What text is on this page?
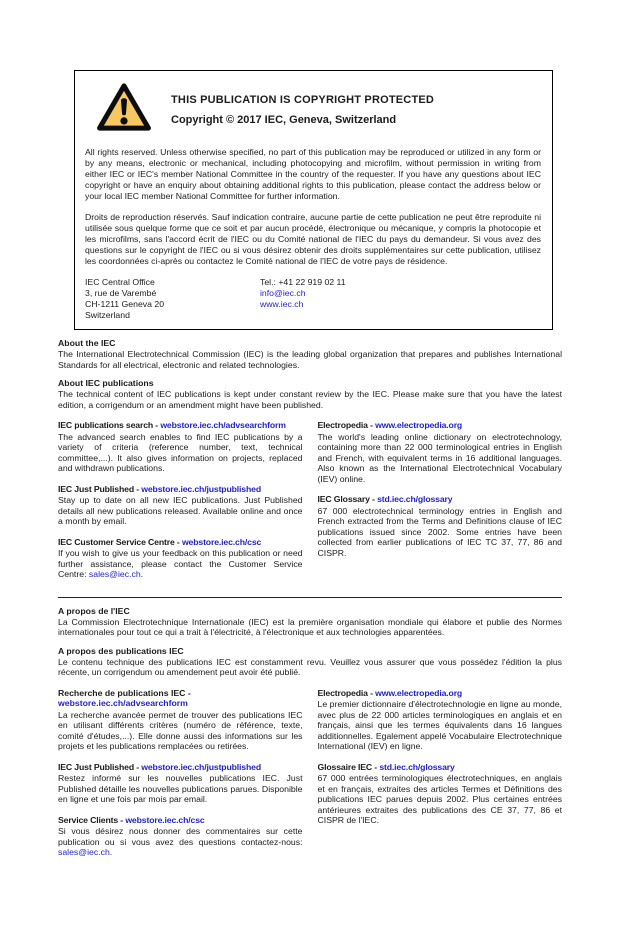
THIS PUBLICATION IS COPYRIGHT PROTECTED
Copyright © 2017 IEC, Geneva, Switzerland

All rights reserved. Unless otherwise specified, no part of this publication may be reproduced or utilized in any form or by any means, electronic or mechanical, including photocopying and microfilm, without permission in writing from either IEC or IEC's member National Committee in the country of the requester. If you have any questions about IEC copyright or have an enquiry about obtaining additional rights to this publication, please contact the address below or your local IEC member National Committee for further information.

Droits de reproduction réservés. Sauf indication contraire, aucune partie de cette publication ne peut être reproduite ni utilisée sous quelque forme que ce soit et par aucun procédé, électronique ou mécanique, y compris la photocopie et les microfilms, sans l'accord écrit de l'IEC ou du Comité national de l'IEC du pays du demandeur. Si vous avez des questions sur le copyright de l'IEC ou si vous désirez obtenir des droits supplémentaires sur cette publication, utilisez les coordonnées ci-après ou contactez le Comité national de l'IEC de votre pays de résidence.

IEC Central Office
3, rue de Varembé
CH-1211 Geneva 20
Switzerland
Tel.: +41 22 919 02 11
info@iec.ch
www.iec.ch
About the IEC

The International Electrotechnical Commission (IEC) is the leading global organization that prepares and publishes International Standards for all electrical, electronic and related technologies.

About IEC publications

The technical content of IEC publications is kept under constant review by the IEC. Please make sure that you have the latest edition, a corrigendum or an amendment might have been published.

IEC publications search - webstore.iec.ch/advsearchform

The advanced search enables to find IEC publications by a variety of criteria (reference number, text, technical committee,...). It also gives information on projects, replaced and withdrawn publications.

IEC Just Published - webstore.iec.ch/justpublished

Stay up to date on all new IEC publications. Just Published details all new publications released. Available online and once a month by email.

IEC Customer Service Centre - webstore.iec.ch/csc

If you wish to give us your feedback on this publication or need further assistance, please contact the Customer Service Centre: sales@iec.ch.

Electropedia - www.electropedia.org

The world's leading online dictionary on electrotechnology, containing more than 22 000 terminological entries in English and French, with equivalent terms in 16 additional languages. Also known as the International Electrotechnical Vocabulary (IEV) online.

IEC Glossary - std.iec.ch/glossary

67 000 electrotechnical terminology entries in English and French extracted from the Terms and Definitions clause of IEC publications issued since 2002. Some entries have been collected from earlier publications of IEC TC 37, 77, 86 and CISPR.

A propos de l'IEC

La Commission Electrotechnique Internationale (IEC) est la première organisation mondiale qui élabore et publie des Normes internationales pour tout ce qui a trait à l'électricité, à l'électronique et aux technologies apparentées.

A propos des publications IEC

Le contenu technique des publications IEC est constamment revu. Veuillez vous assurer que vous possédez l'édition la plus récente, un corrigendum ou amendement peut avoir été publié.

Recherche de publications IEC - webstore.iec.ch/advsearchform

La recherche avancée permet de trouver des publications IEC en utilisant différents critères (numéro de référence, texte, comité d'études,...). Elle donne aussi des informations sur les projets et les publications remplacées ou retirées.

IEC Just Published - webstore.iec.ch/justpublished

Restez informé sur les nouvelles publications IEC. Just Published détaille les nouvelles publications parues. Disponible en ligne et une fois par mois par email.

Service Clients - webstore.iec.ch/csc

Si vous désirez nous donner des commentaires sur cette publication ou si vous avez des questions contactez-nous: sales@iec.ch.

Electropedia - www.electropedia.org

Le premier dictionnaire d'électrotechnologie en ligne au monde, avec plus de 22 000 articles terminologiques en anglais et en français, ainsi que les termes équivalents dans 16 langues additionnelles. Egalement appelé Vocabulaire Electrotechnique International (IEV) en ligne.

Glossaire IEC - std.iec.ch/glossary

67 000 entrées terminologiques électrotechniques, en anglais et en français, extraites des articles Termes et Définitions des publications IEC parues depuis 2002. Plus certaines entrées antérieures extraites des publications des CE 37, 77, 86 et CISPR de l'IEC.
